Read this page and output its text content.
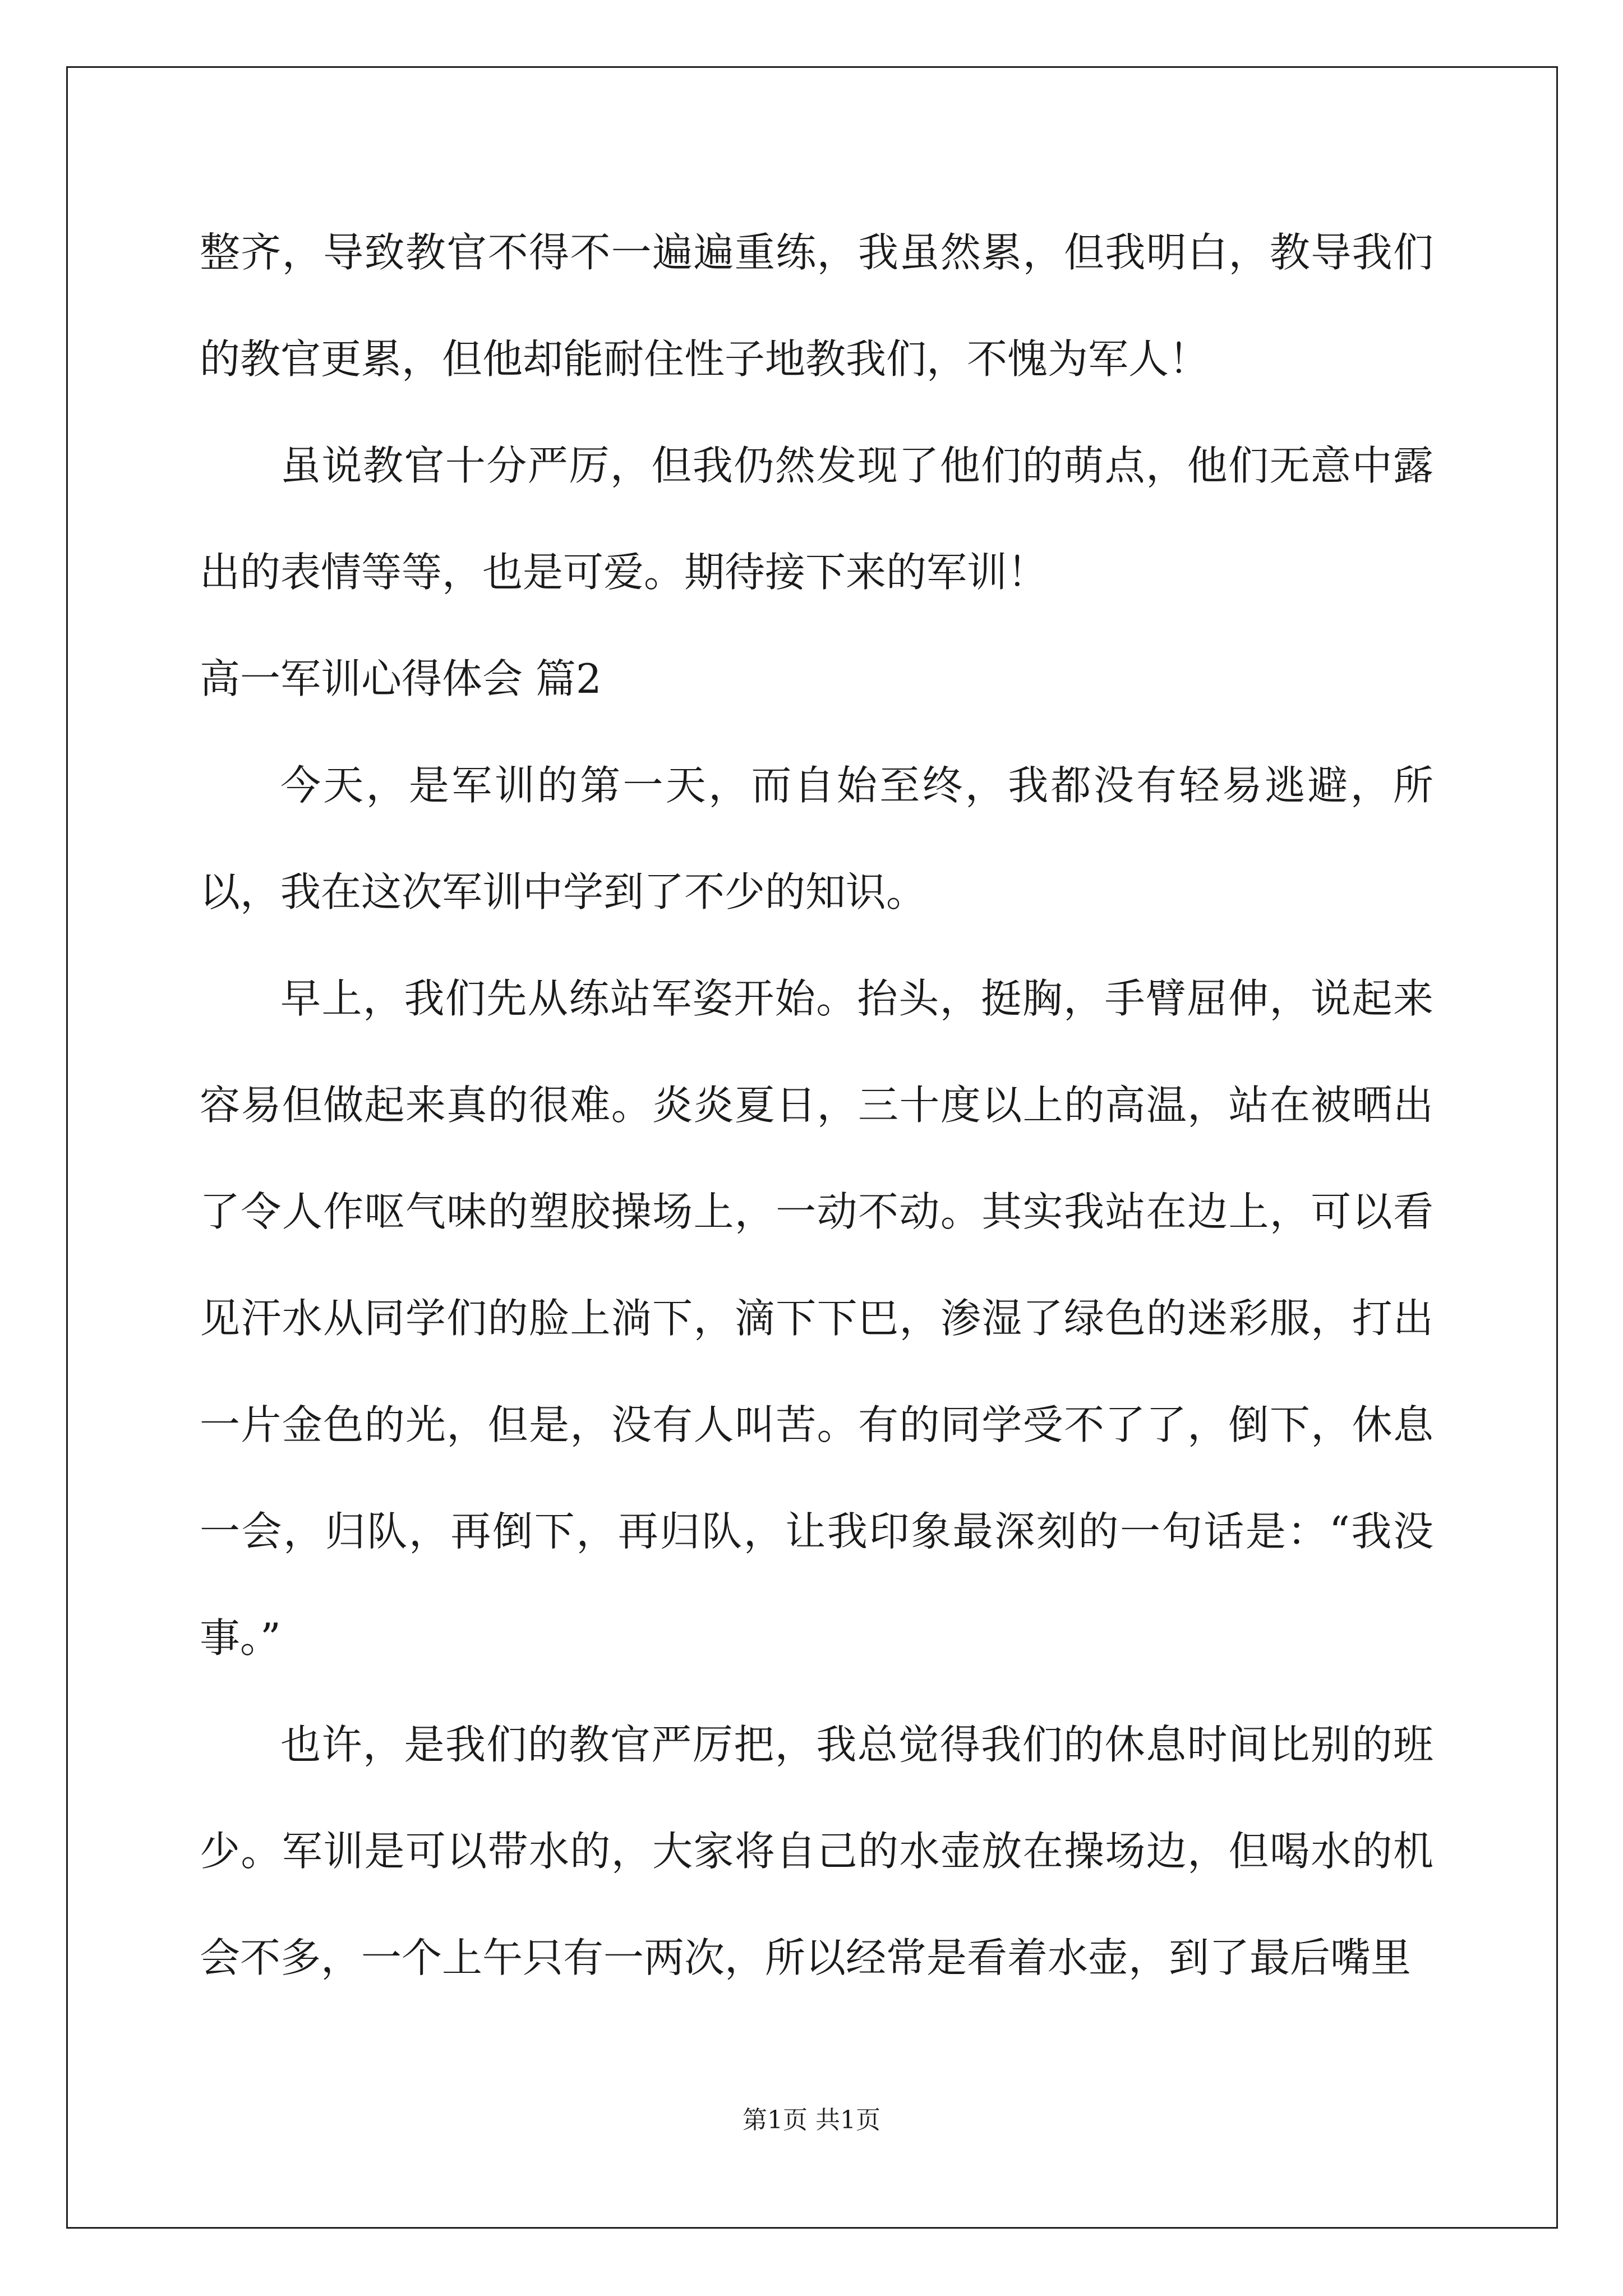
整齐，导致教官不得不一遍遍重练，我虽然累，但我明白，教导我们的教官更累，但他却能耐住性子地教我们，不愧为军人！

虽说教官十分严厉，但我仍然发现了他们的萌点，他们无意中露出的表情等等，也是可爱。期待接下来的军训！

高一军训心得体会 篇2

今天，是军训的第一天，而自始至终，我都没有轻易逃避，所以，我在这次军训中学到了不少的知识。

早上，我们先从练站军姿开始。抬头，挺胸，手臂屈伸，说起来容易但做起来真的很难。炎炎夏日，三十度以上的高温，站在被晒出了令人作呕气味的塑胶操场上，一动不动。其实我站在边上，可以看见汗水从同学们的脸上淌下，滴下下巴，渗湿了绿色的迷彩服，打出一片金色的光，但是，没有人叫苦。有的同学受不了了，倒下，休息一会，归队，再倒下，再归队，让我印象最深刻的一句话是：“我没事。”

也许，是我们的教官严厉把，我总觉得我们的休息时间比别的班少。军训是可以带水的，大家将自己的水壶放在操场边，但喝水的机会不多，一个上午只有一两次，所以经常是看着水壶，到了最后嘴里

第1页 共1页
